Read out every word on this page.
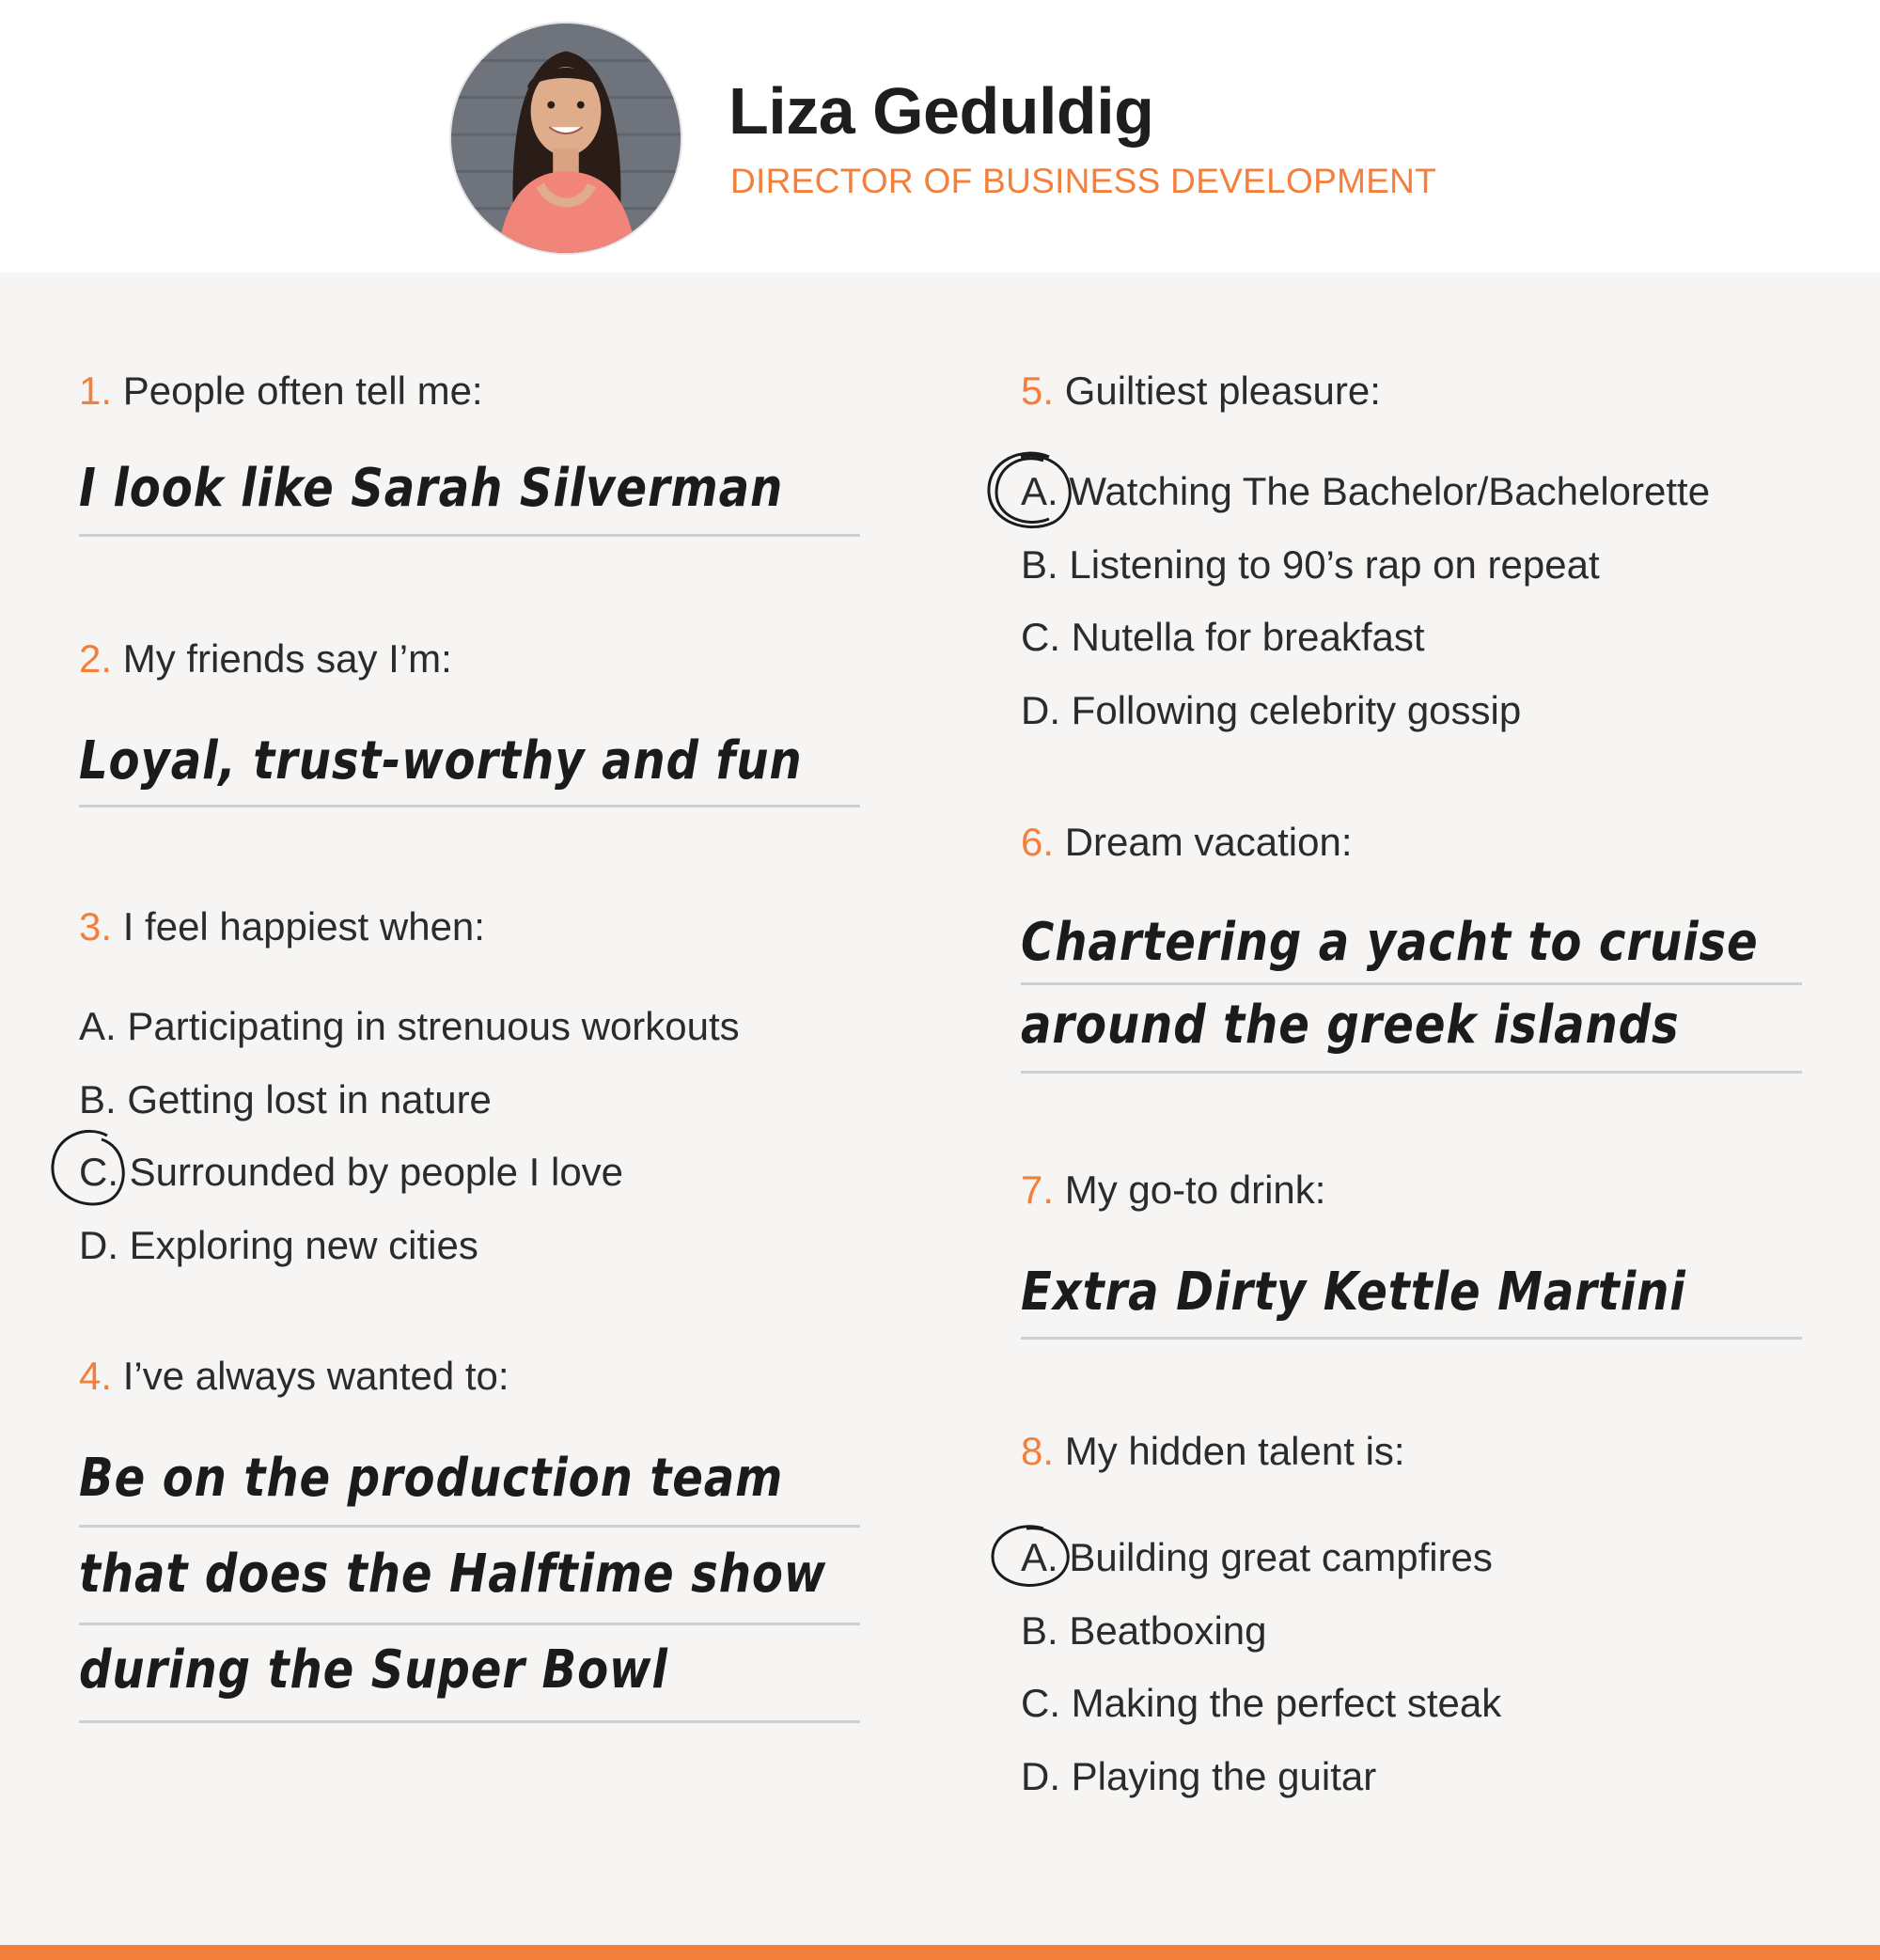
Liza Geduldig
DIRECTOR OF BUSINESS DEVELOPMENT
1. People often tell me:
I look like Sarah Silverman
2. My friends say I’m:
Loyal, trust-worthy and fun
3. I feel happiest when:
A. Participating in strenuous workouts
B. Getting lost in nature
C. Surrounded by people I love
D. Exploring new cities
4. I’ve always wanted to:
Be on the production team
that does the Halftime show
during the Super Bowl
5. Guiltiest pleasure:
A. Watching The Bachelor/Bachelorette
B. Listening to 90’s rap on repeat
C. Nutella for breakfast
D. Following celebrity gossip
6. Dream vacation:
Chartering a yacht to cruise
around the greek islands
7. My go-to drink:
Extra Dirty Kettle Martini
8. My hidden talent is:
A. Building great campfires
B. Beatboxing
C. Making the perfect steak
D. Playing the guitar
